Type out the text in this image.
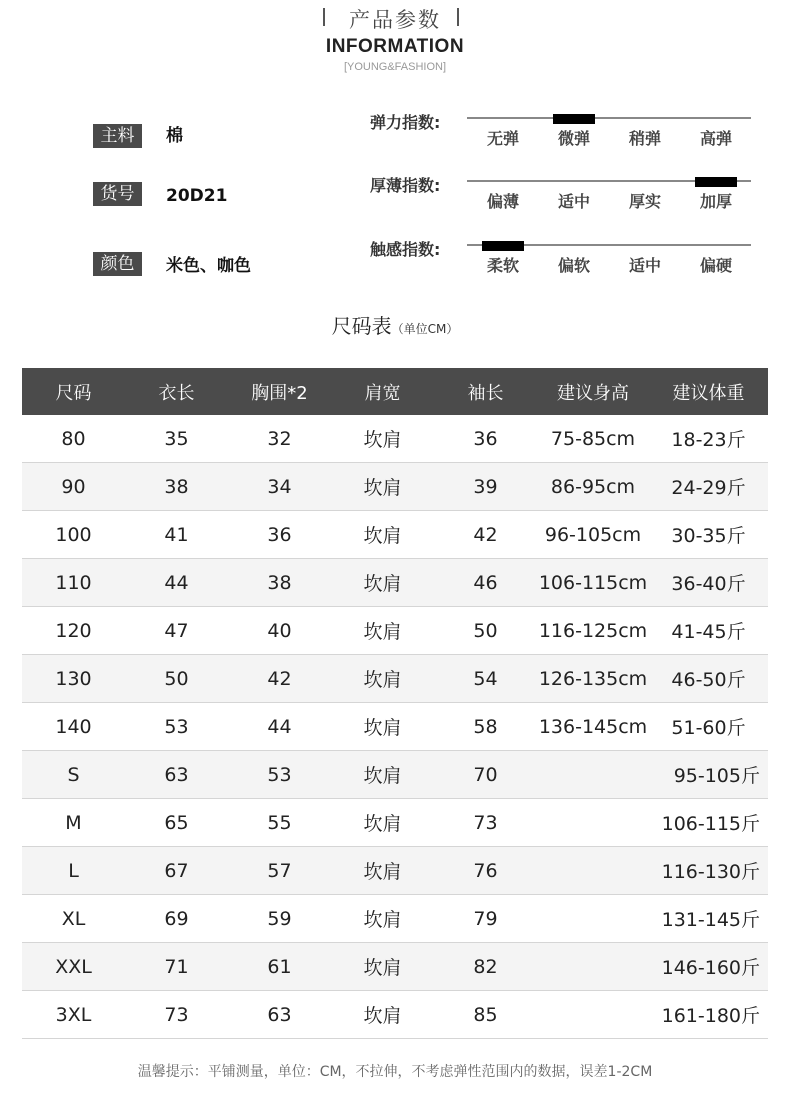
产品参数
INFORMATION
[YOUNG&FASHION]
主料	棉
货号	20D21
颜色	米色、咖色
弹力指数:
无弹	微弹	稍弹	高弹
厚薄指数:
偏薄	适中	厚实	加厚
触感指数:
柔软	偏软	适中	偏硬
尺码表（单位CM）
尺码	衣长	胸围*2	肩宽	袖长	建议身高	建议体重
80	35	32	坎肩	36	75-85cm	18-23斤
90	38	34	坎肩	39	86-95cm	24-29斤
100	41	36	坎肩	42	96-105cm	30-35斤
110	44	38	坎肩	46	106-115cm	36-40斤
120	47	40	坎肩	50	116-125cm	41-45斤
130	50	42	坎肩	54	126-135cm	46-50斤
140	53	44	坎肩	58	136-145cm	51-60斤
S	63	53	坎肩	70		95-105斤
M	65	55	坎肩	73		106-115斤
L	67	57	坎肩	76		116-130斤
XL	69	59	坎肩	79		131-145斤
XXL	71	61	坎肩	82		146-160斤
3XL	73	63	坎肩	85		161-180斤
温馨提示：平铺测量，单位：CM，不拉伸，不考虑弹性范围内的数据，误差1-2CM
